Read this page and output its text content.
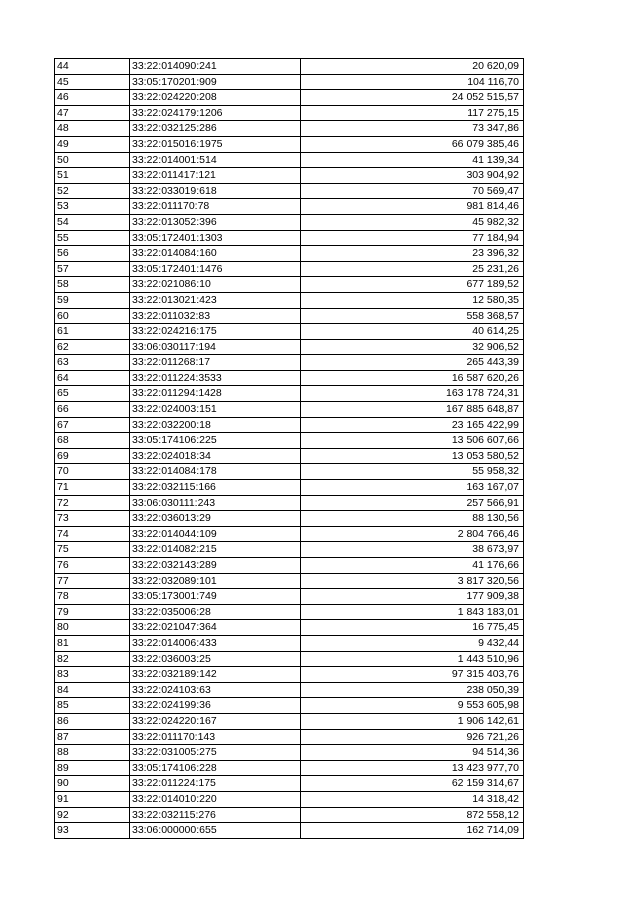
44	33:22:014090:241	20 620,09
45	33:05:170201:909	104 116,70
46	33:22:024220:208	24 052 515,57
47	33:22:024179:1206	117 275,15
48	33:22:032125:286	73 347,86
49	33:22:015016:1975	66 079 385,46
50	33:22:014001:514	41 139,34
51	33:22:011417:121	303 904,92
52	33:22:033019:618	70 569,47
53	33:22:011170:78	981 814,46
54	33:22:013052:396	45 982,32
55	33:05:172401:1303	77 184,94
56	33:22:014084:160	23 396,32
57	33:05:172401:1476	25 231,26
58	33:22:021086:10	677 189,52
59	33:22:013021:423	12 580,35
60	33:22:011032:83	558 368,57
61	33:22:024216:175	40 614,25
62	33:06:030117:194	32 906,52
63	33:22:011268:17	265 443,39
64	33:22:011224:3533	16 587 620,26
65	33:22:011294:1428	163 178 724,31
66	33:22:024003:151	167 885 648,87
67	33:22:032200:18	23 165 422,99
68	33:05:174106:225	13 506 607,66
69	33:22:024018:34	13 053 580,52
70	33:22:014084:178	55 958,32
71	33:22:032115:166	163 167,07
72	33:06:030111:243	257 566,91
73	33:22:036013:29	88 130,56
74	33:22:014044:109	2 804 766,46
75	33:22:014082:215	38 673,97
76	33:22:032143:289	41 176,66
77	33:22:032089:101	3 817 320,56
78	33:05:173001:749	177 909,38
79	33:22:035006:28	1 843 183,01
80	33:22:021047:364	16 775,45
81	33:22:014006:433	9 432,44
82	33:22:036003:25	1 443 510,96
83	33:22:032189:142	97 315 403,76
84	33:22:024103:63	238 050,39
85	33:22:024199:36	9 553 605,98
86	33:22:024220:167	1 906 142,61
87	33:22:011170:143	926 721,26
88	33:22:031005:275	94 514,36
89	33:05:174106:228	13 423 977,70
90	33:22:011224:175	62 159 314,67
91	33:22:014010:220	14 318,42
92	33:22:032115:276	872 558,12
93	33:06:000000:655	162 714,09
